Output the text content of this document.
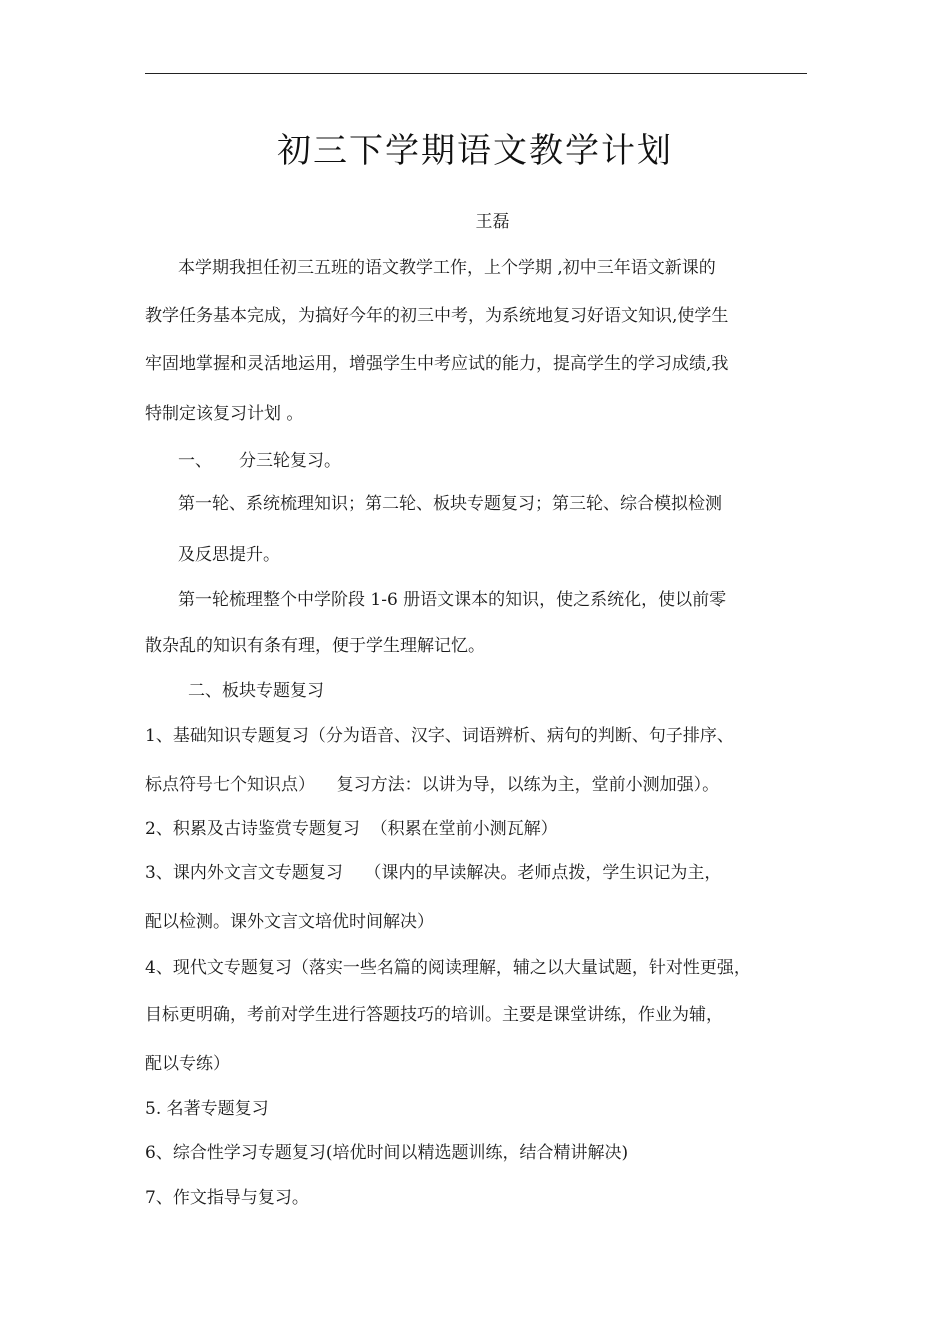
初三下学期语文教学计划
王磊
本学期我担任初三五班的语文教学工作，上个学期 ,初中三年语文新课的
教学任务基本完成，为搞好今年的初三中考，为系统地复习好语文知识,使学生
牢固地掌握和灵活地运用，增强学生中考应试的能力，提高学生的学习成绩,我
特制定该复习计划 。
一、     分三轮复习。
第一轮、系统梳理知识；第二轮、板块专题复习；第三轮、综合模拟检测
及反思提升。
第一轮梳理整个中学阶段 1-6 册语文课本的知识，使之系统化，使以前零
散杂乱的知识有条有理，便于学生理解记忆。
二、板块专题复习
1、基础知识专题复习（分为语音、汉字、词语辨析、病句的判断、句子排序、
标点符号七个知识点）    复习方法：以讲为导，以练为主，堂前小测加强）。
2、积累及古诗鉴赏专题复习  （积累在堂前小测瓦解）
3、课内外文言文专题复习    （课内的早读解决。老师点拨，学生识记为主，
配以检测。课外文言文培优时间解决）
4、现代文专题复习（落实一些名篇的阅读理解，辅之以大量试题，针对性更强，
目标更明确，考前对学生进行答题技巧的培训。主要是课堂讲练，作业为辅，
配以专练）
5. 名著专题复习
6、综合性学习专题复习(培优时间以精选题训练，结合精讲解决)
7、作文指导与复习。
